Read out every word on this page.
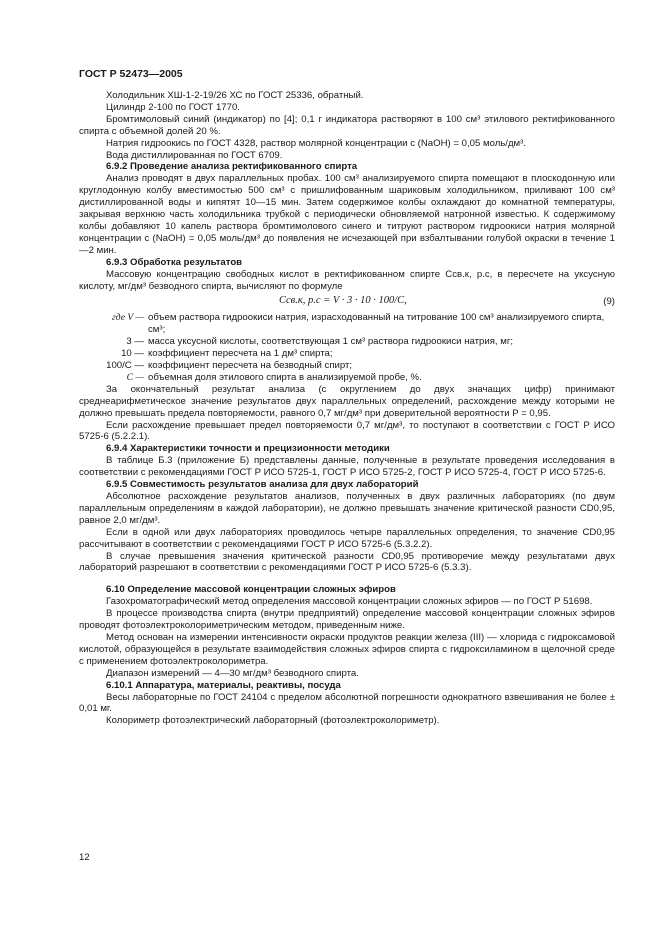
ГОСТ Р 52473—2005

Холодильник ХШ-1-2-19/26 ХС по ГОСТ 25336, обратный.

Цилиндр 2-100 по ГОСТ 1770.

Бромтимоловый синий (индикатор) по [4]; 0,1 г индикатора растворяют в 100 см³ этилового ректификованного спирта с объемной долей 20 %.

Натрия гидроокись по ГОСТ 4328, раствор молярной концентрации c (NaOH) = 0,05 моль/дм³.

Вода дистиллированная по ГОСТ 6709.

6.9.2 Проведение анализа ректификованного спирта

Анализ проводят в двух параллельных пробах. 100 см³ анализируемого спирта помещают в плоскодонную или круглодонную колбу вместимостью 500 см³ с пришлифованным шариковым холодильником, приливают 100 см³ дистиллированной воды и кипятят 10—15 мин. Затем содержимое колбы охлаждают до комнатной температуры, закрывая верхнюю часть холодильника трубкой с периодически обновляемой натронной известью. К содержимому колбы добавляют 10 капель раствора бромтимолового синего и титруют раствором гидроокиси натрия молярной концентрации c (NaOH) = 0,05 моль/дм³ до появления не исчезающей при взбалтывании голубой окраски в течение 1—2 мин.

6.9.3 Обработка результатов

Массовую концентрацию свободных кислот в ректификованном спирте Cсв.к, р.с, в пересчете на уксусную кислоту, мг/дм³ безводного спирта, вычисляют по формуле

Cсв.к, р.с = V · 3 · 10 · 100/C,	(9)
где V — объем раствора гидроокиси натрия, израсходованный на титрование 100 см³ анализируемого спирта, см³;
3 — масса уксусной кислоты, соответствующая 1 см³ раствора гидроокиси натрия, мг;
10 — коэффициент пересчета на 1 дм³ спирта;
100/C — коэффициент пересчета на безводный спирт;
C — объемная доля этилового спирта в анализируемой пробе, %.

За окончательный результат анализа (с округлением до двух значащих цифр) принимают среднеарифметическое значение результатов двух параллельных определений, расхождение между которыми не должно превышать предела повторяемости, равного 0,7 мг/дм³ при доверительной вероятности P = 0,95.

Если расхождение превышает предел повторяемости 0,7 мг/дм³, то поступают в соответствии с ГОСТ Р ИСО 5725-6 (5.2.2.1).

6.9.4 Характеристики точности и прецизионности методики

В таблице Б.3 (приложение Б) представлены данные, полученные в результате проведения исследования в соответствии с рекомендациями ГОСТ Р ИСО 5725-1, ГОСТ Р ИСО 5725-2, ГОСТ Р ИСО 5725-4, ГОСТ Р ИСО 5725-6.

6.9.5 Совместимость результатов анализа для двух лабораторий

Абсолютное расхождение результатов анализов, полученных в двух различных лабораториях (по двум параллельным определениям в каждой лаборатории), не должно превышать значение критической разности CD0,95, равное 2,0 мг/дм³.

Если в одной или двух лабораториях проводилось четыре параллельных определения, то значение CD0,95 рассчитывают в соответствии с рекомендациями ГОСТ Р ИСО 5725-6 (5.3.2.2).

В случае превышения значения критической разности CD0,95 противоречие между результатами двух лабораторий разрешают в соответствии с рекомендациями ГОСТ Р ИСО 5725-6 (5.3.3).

6.10 Определение массовой концентрации сложных эфиров

Газохроматографический метод определения массовой концентрации сложных эфиров — по ГОСТ Р 51698.

В процессе производства спирта (внутри предприятий) определение массовой концентрации сложных эфиров проводят фотоэлектроколориметрическим методом, приведенным ниже.

Метод основан на измерении интенсивности окраски продуктов реакции железа (III) — хлорида с гидроксамовой кислотой, образующейся в результате взаимодействия сложных эфиров спирта с гидроксиламином в щелочной среде с применением фотоэлектроколориметра.

Диапазон измерений — 4—30 мг/дм³ безводного спирта.

6.10.1 Аппаратура, материалы, реактивы, посуда

Весы лабораторные по ГОСТ 24104 с пределом абсолютной погрешности однократного взвешивания не более ± 0,01 мг.

Колориметр фотоэлектрический лабораторный (фотоэлектроколориметр).

12
